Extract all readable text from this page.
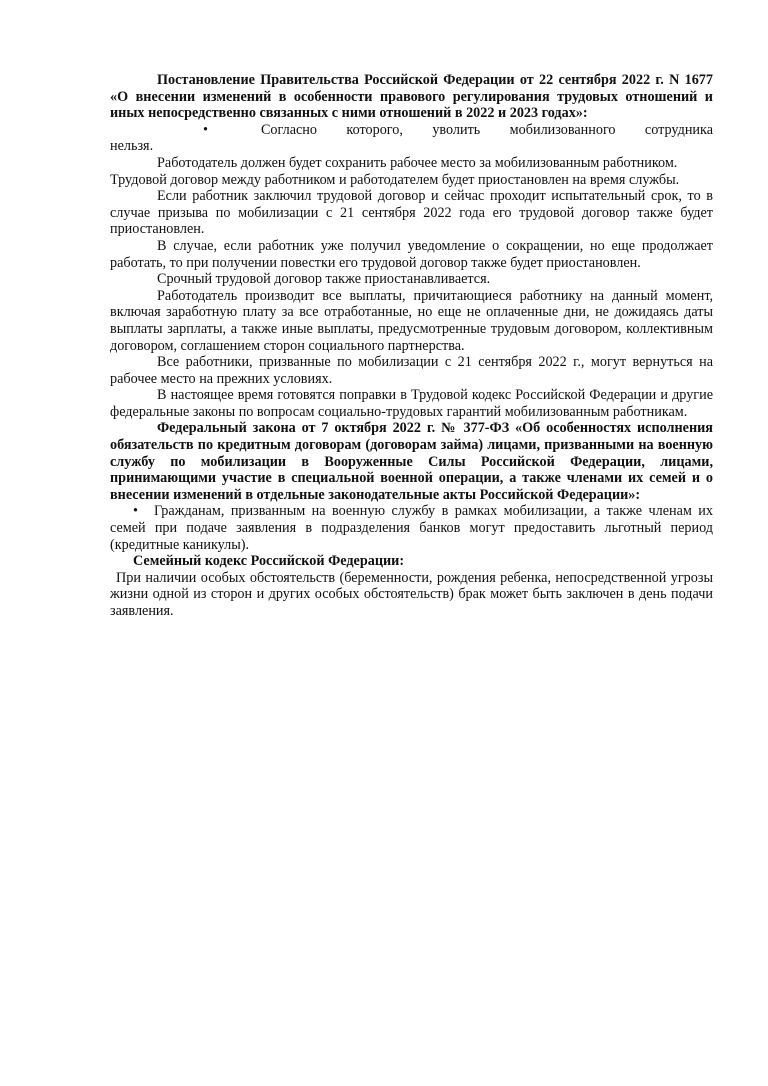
Постановление Правительства Российской Федерации от 22 сентября 2022 г. N 1677 «О внесении изменений в особенности правового регулирования трудовых отношений и иных непосредственно связанных с ними отношений в 2022 и 2023 годах»:

•	Согласно которого, уволить мобилизованного сотрудника нельзя.

Работодатель должен будет сохранить рабочее место за мобилизованным работником.

Трудовой договор между работником и работодателем будет приостановлен на время службы.

Если работник заключил трудовой договор и сейчас проходит испытательный срок, то в случае призыва по мобилизации с 21 сентября 2022 года его трудовой договор также будет приостановлен.

В случае, если работник уже получил уведомление о сокращении, но еще продолжает работать, то при получении повестки его трудовой договор также будет приостановлен.

Срочный трудовой договор также приостанавливается.

Работодатель производит все выплаты, причитающиеся работнику на данный момент, включая заработную плату за все отработанные, но еще не оплаченные дни, не дожидаясь даты выплаты зарплаты, а также иные выплаты, предусмотренные трудовым договором, коллективным договором, соглашением сторон социального партнерства.

Все работники, призванные по мобилизации с 21 сентября 2022 г., могут вернуться на рабочее место на прежних условиях.

В настоящее время готовятся поправки в Трудовой кодекс Российской Федерации и другие федеральные законы по вопросам социально-трудовых гарантий мобилизованным работникам.

Федеральный закона от 7 октября 2022 г. № 377-ФЗ «Об особенностях исполнения обязательств по кредитным договорам (договорам займа) лицами, призванными на военную службу по мобилизации в Вооруженные Силы Российской Федерации, лицами, принимающими участие в специальной военной операции, а также членами их семей и о внесении изменений в отдельные законодательные акты Российской Федерации»:

• Гражданам, призванным на военную службу в рамках мобилизации, а также членам их семей при подаче заявления в подразделения банков могут предоставить льготный период (кредитные каникулы).

Семейный кодекс Российской Федерации:

При наличии особых обстоятельств (беременности, рождения ребенка, непосредственной угрозы жизни одной из сторон и других особых обстоятельств) брак может быть заключен в день подачи заявления.
